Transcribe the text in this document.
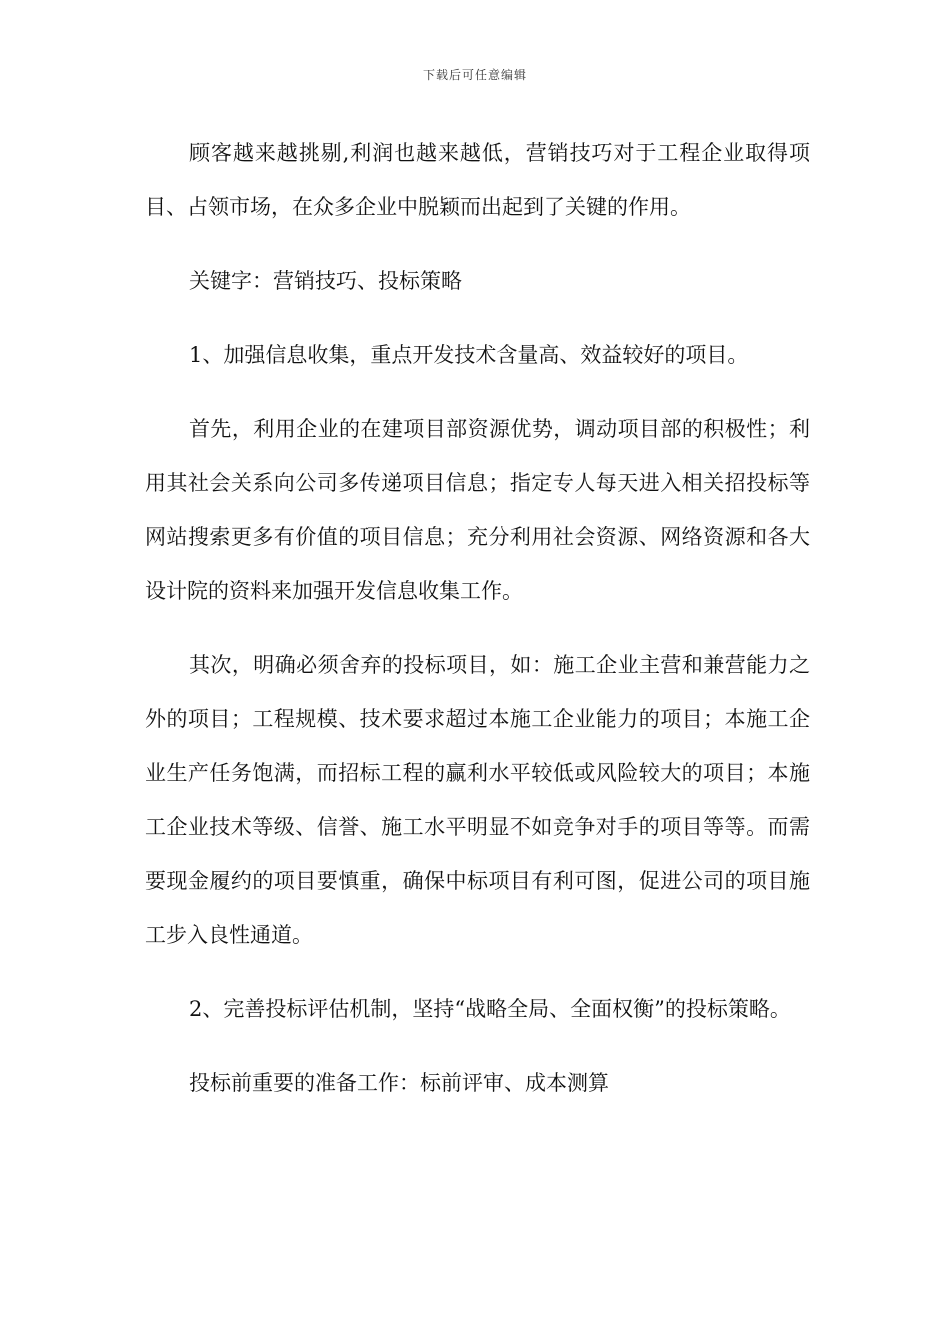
下载后可任意编辑

顾客越来越挑剔,利润也越来越低，营销技巧对于工程企业取得项目、占领市场，在众多企业中脱颖而出起到了关键的作用。

关键字：营销技巧、投标策略

1、加强信息收集，重点开发技术含量高、效益较好的项目。

首先，利用企业的在建项目部资源优势，调动项目部的积极性；利用其社会关系向公司多传递项目信息；指定专人每天进入相关招投标等网站搜索更多有价值的项目信息；充分利用社会资源、网络资源和各大设计院的资料来加强开发信息收集工作。

其次，明确必须舍弃的投标项目，如：施工企业主营和兼营能力之外的项目；工程规模、技术要求超过本施工企业能力的项目；本施工企业生产任务饱满，而招标工程的赢利水平较低或风险较大的项目；本施工企业技术等级、信誉、施工水平明显不如竞争对手的项目等等。而需要现金履约的项目要慎重，确保中标项目有利可图，促进公司的项目施工步入良性通道。

2、完善投标评估机制，坚持“战略全局、全面权衡”的投标策略。

投标前重要的准备工作：标前评审、成本测算
